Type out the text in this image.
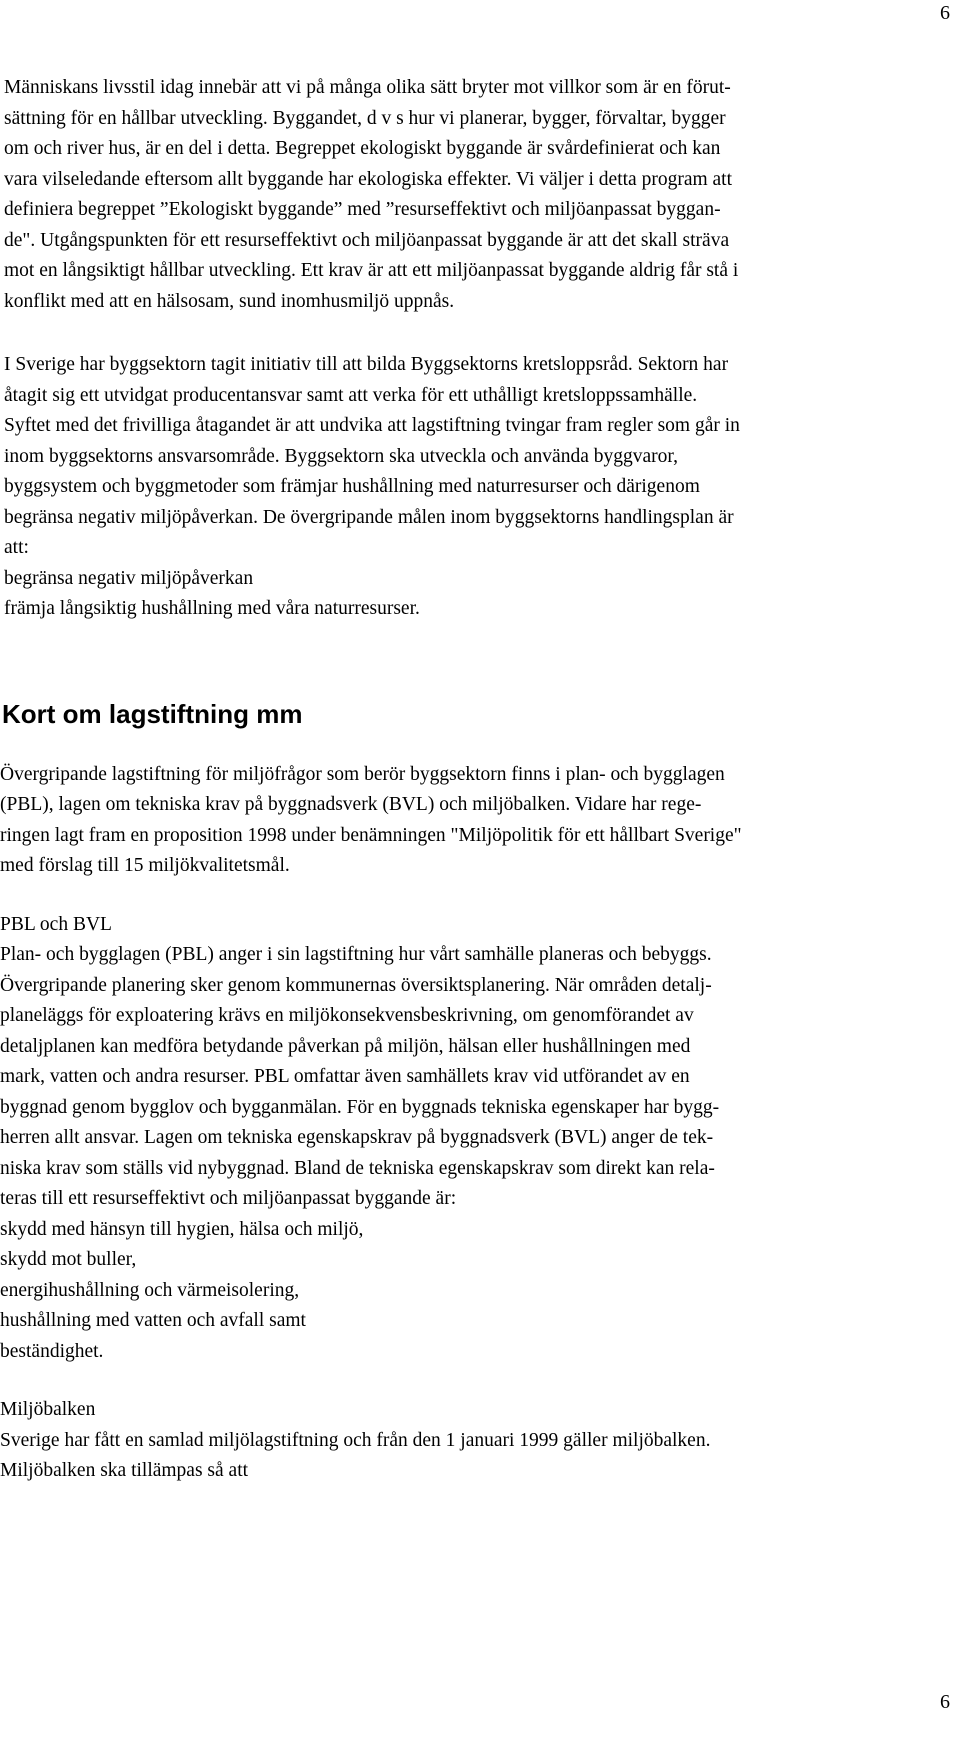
6
Människans livsstil idag innebär att vi på många olika sätt bryter mot villkor som är en förut-
sättning för en hållbar utveckling. Byggandet, d v s hur vi planerar, bygger, förvaltar, bygger
om och river hus, är en del i detta. Begreppet ekologiskt byggande är svårdefinierat och kan
vara vilseledande eftersom allt byggande har ekologiska effekter. Vi väljer i detta program att
definiera begreppet ”Ekologiskt byggande” med ”resurseffektivt och miljöanpassat byggan-
de". Utgångspunkten för ett resurseffektivt och miljöanpassat byggande är att det skall sträva
mot en långsiktigt hållbar utveckling. Ett krav är att ett miljöanpassat byggande aldrig får stå i
konflikt med att en hälsosam, sund inomhusmiljö uppnås.
I Sverige har byggsektorn tagit initiativ till att bilda Byggsektorns kretsloppsråd. Sektorn har
åtagit sig ett utvidgat producentansvar samt att verka för ett uthålligt kretsloppssamhälle.
Syftet med det frivilliga åtagandet är att undvika att lagstiftning tvingar fram regler som går in
inom byggsektorns ansvarsområde. Byggsektorn ska utveckla och använda byggvaror,
byggsystem och byggmetoder som främjar hushållning med naturresurser och därigenom
begränsa negativ miljöpåverkan. De övergripande målen inom byggsektorns handlingsplan är
att:
begränsa negativ miljöpåverkan
främja långsiktig hushållning med våra naturresurser.
Kort om lagstiftning mm
Övergripande lagstiftning för miljöfrågor som berör byggsektorn finns i plan- och bygglagen
(PBL), lagen om tekniska krav på byggnadsverk (BVL) och miljöbalken. Vidare har rege-
ringen lagt fram en proposition 1998 under benämningen "Miljöpolitik för ett hållbart Sverige"
med förslag till 15 miljökvalitetsmål.
PBL och BVL
Plan- och bygglagen (PBL) anger i sin lagstiftning hur vårt samhälle planeras och bebyggs.
Övergripande planering sker genom kommunernas översiktsplanering. När områden detalj-
planeläggs för exploatering krävs en miljökonsekvensbeskrivning, om genomförandet av
detaljplanen kan medföra betydande påverkan på miljön, hälsan eller hushållningen med
mark, vatten och andra resurser. PBL omfattar även samhällets krav vid utförandet av en
byggnad genom bygglov och bygganmälan. För en byggnads tekniska egenskaper har bygg-
herren allt ansvar. Lagen om tekniska egenskapskrav på byggnadsverk (BVL) anger de tek-
niska krav som ställs vid nybyggnad. Bland de tekniska egenskapskrav som direkt kan rela-
teras till ett resurseffektivt och miljöanpassat byggande är:
skydd med hänsyn till hygien, hälsa och miljö,
skydd mot buller,
energihushållning och värmeisolering,
hushållning med vatten och avfall samt
beständighet.
Miljöbalken
Sverige har fått en samlad miljölagstiftning och från den 1 januari 1999 gäller miljöbalken.
Miljöbalken ska tillämpas så att
6
